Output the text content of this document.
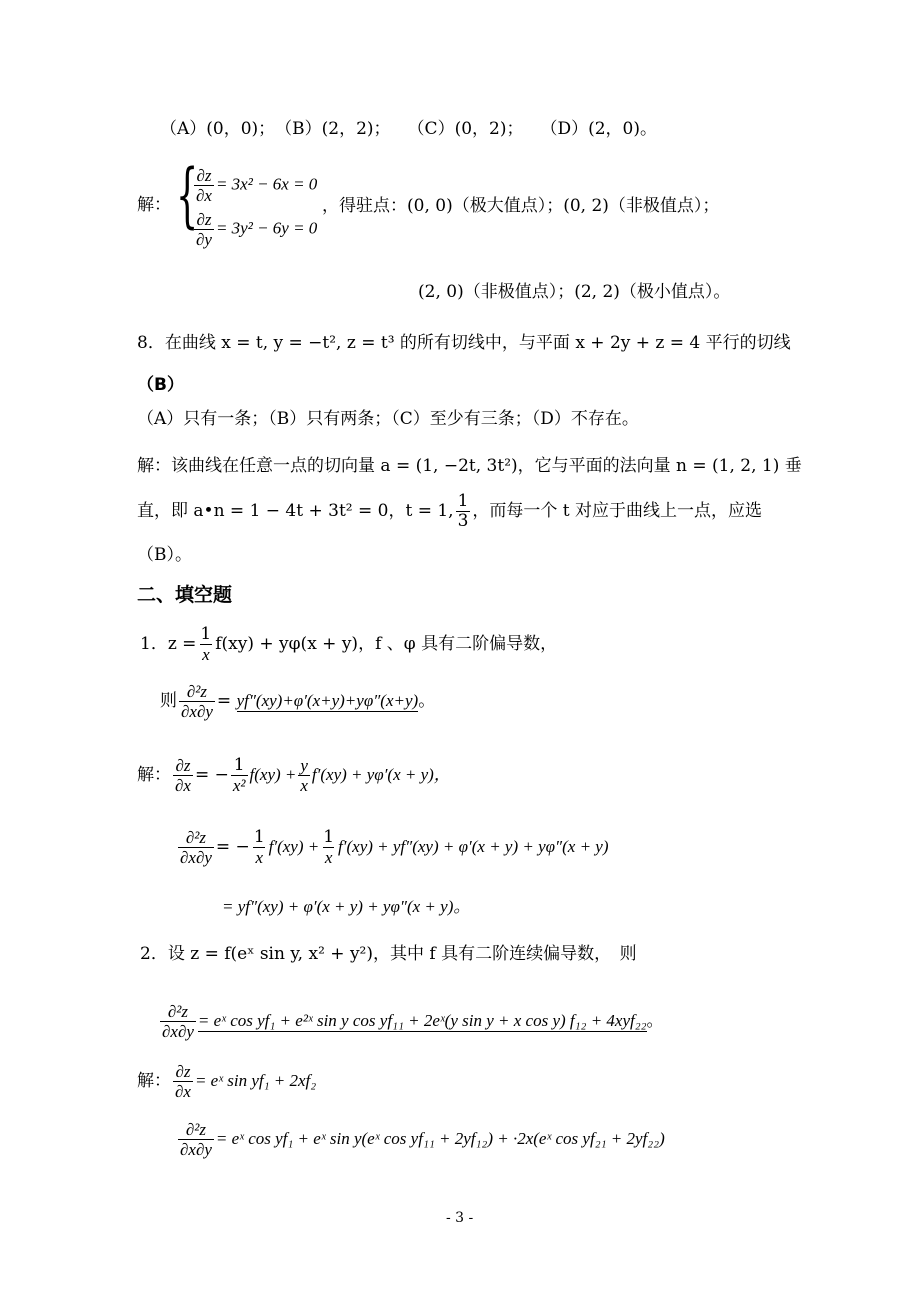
（A）(0，0)；　（B）(2，2)；　　（C）(0，2)；　　（D）(2，0)。
解： {
$\frac{\partial z}{\partial x} = 3x^2 - 6x = 0$
$\frac{\partial z}{\partial y} = 3y^2 - 6y = 0$
，得驻点：(0, 0)（极大值点）；(0, 2)（非极值点）；
(2, 0)（非极值点）；(2, 2)（极小值点）。
8．在曲线 x = t, y = −t², z = t³ 的所有切线中，与平面 x + 2y + z = 4 平行的切线
（B）
（A）只有一条；（B）只有两条；（C）至少有三条；（D）不存在。
解：该曲线在任意一点的切向量 a = (1, −2t, 3t²)，它与平面的法向量 n = (1, 2, 1) 垂
直，即 a•n = 1 − 4t + 3t² = 0，t = 1, $\frac{1}{3}$ ，而每一个 t 对应于曲线上一点，应选
（B）。
二、填空题
1．$z = \frac{1}{x} f(xy) + y\varphi(x + y)$，f 、φ 具有二阶偏导数，
则 $\frac{\text{∂²z}}{\partial x\partial y} = yf''(xy)+\varphi'(x+y)+y\varphi''(x+y)$。
解： $\frac{\partial z}{\partial x}$ = − $\frac{1}{\text{x²}} f(xy) + \frac{y}{x} f'(xy) + y\varphi'(x + y)$，
$\frac{\text{∂²z}}{\partial x\partial y}$ = − $\frac{1}{x} f'(xy) + \frac{1}{x} f'(xy) + yf''(xy) + \varphi'(x + y) + y\varphi''(x + y)$
= yf″(xy) + φ′(x + y) + yφ″(x + y)。
2．设 z = f(eˣ sin y, x² + y²)，其中 f 具有二阶连续偏导数，　则
$\frac{\text{∂²z}}{\partial x\partial y}$ = eˣ cos yf₁ + e²ˣ sin y cos yf₁₁ + 2eˣ(y sin y + x cos y) f₁₂ + 4xyf₂₂。
解： $\frac{\partial z}{\partial x}$ = eˣ sin yf₁ + 2xf₂
$\frac{\text{∂²z}}{\partial x\partial y}$ = eˣ cos yf₁ + eˣ sin y(eˣ cos yf₁₁ + 2yf₁₂) + ·2x(eˣ cos yf₂₁ + 2yf₂₂)
- 3 -
